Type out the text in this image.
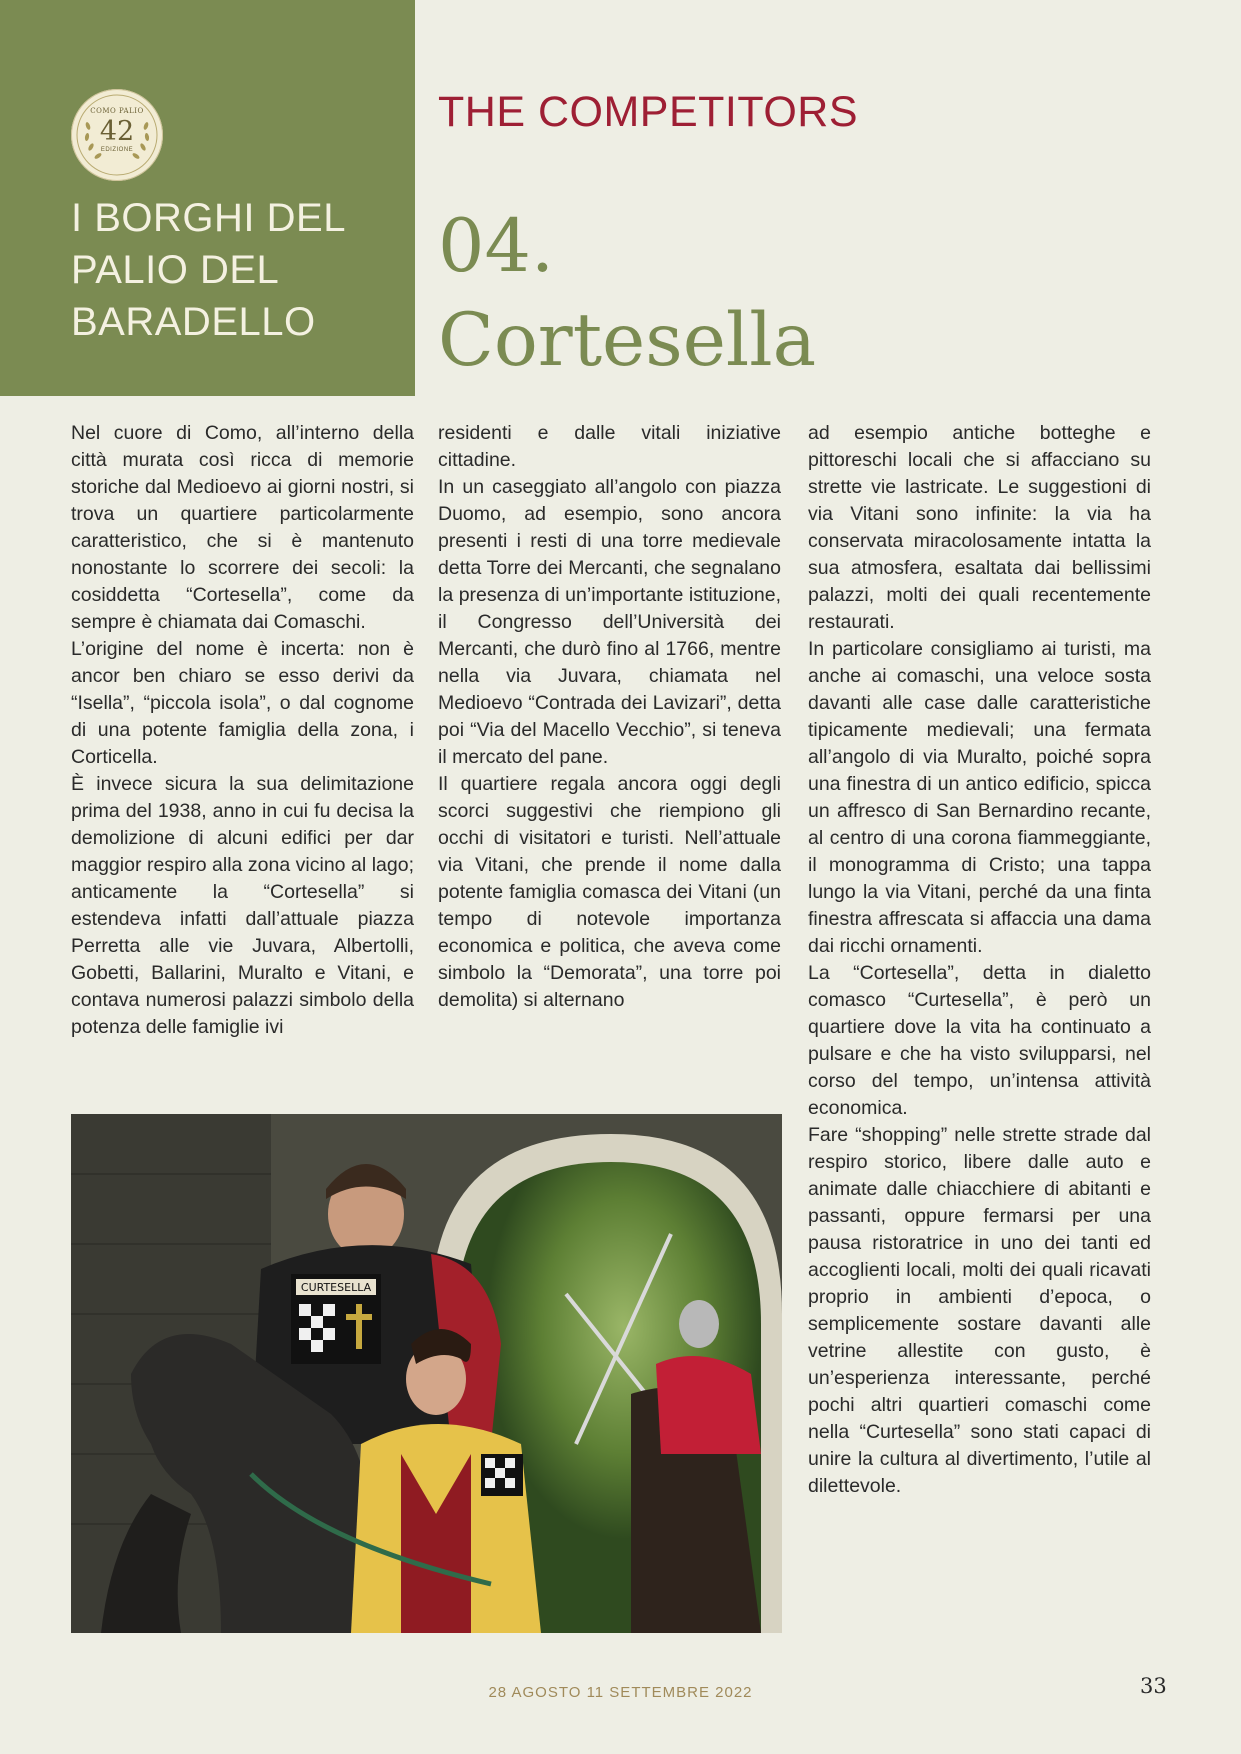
COMO PALIO
42
EDIZIONE
I BORGHI DEL
PALIO DEL
BARADELLO
THE COMPETITORS
04.
Cortesella

Nel cuore di Como, all’interno della città murata così ricca di memorie storiche dal Medioevo ai giorni nostri, si trova un quartiere particolarmente caratteristico, che si è mantenuto nonostante lo scorrere dei secoli: la cosiddetta “Cortesella”, come da sempre è chiamata dai Comaschi.

L’origine del nome è incerta: non è ancor ben chiaro se esso derivi da “Isella”, “piccola isola”, o dal cognome di una potente famiglia della zona, i Corticella.

È invece sicura la sua delimitazione prima del 1938, anno in cui fu decisa la demolizione di alcuni edifici per dar maggior respiro alla zona vicino al lago; anticamente la “Cortesella” si estendeva infatti dall’attuale piazza Perretta alle vie Juvara, Albertolli, Gobetti, Ballarini, Muralto e Vitani, e contava numerosi palazzi simbolo della potenza delle famiglie ivi

residenti e dalle vitali iniziative cittadine.

In un caseggiato all’angolo con piazza Duomo, ad esempio, sono ancora presenti i resti di una torre medievale detta Torre dei Mercanti, che segnalano la presenza di un’importante istituzione, il Congresso dell’Università dei Mercanti, che durò fino al 1766, mentre nella via Juvara, chiamata nel Medioevo “Contrada dei Lavizari”, detta poi “Via del Macello Vecchio”, si teneva il mercato del pane.

Il quartiere regala ancora oggi degli scorci suggestivi che riempiono gli occhi di visitatori e turisti. Nell’attuale via Vitani, che prende il nome dalla potente famiglia comasca dei Vitani (un tempo di notevole importanza economica e politica, che aveva come simbolo la “Demorata”, una torre poi demolita) si alternano

ad esempio antiche botteghe e pittoreschi locali che si affacciano su strette vie lastricate. Le suggestioni di via Vitani sono infinite: la via ha conservata miracolosamente intatta la sua atmosfera, esaltata dai bellissimi palazzi, molti dei quali recentemente restaurati.

In particolare consigliamo ai turisti, ma anche ai comaschi, una veloce sosta davanti alle case dalle caratteristiche tipicamente medievali; una fermata all’angolo di via Muralto, poiché sopra una finestra di un antico edificio, spicca un affresco di San Bernardino recante, al centro di una corona fiammeggiante, il monogramma di Cristo; una tappa lungo la via Vitani, perché da una finta finestra affrescata si affaccia una dama dai ricchi ornamenti.

La “Cortesella”, detta in dialetto comasco “Curtesella”, è però un quartiere dove la vita ha continuato a pulsare e che ha visto svilupparsi, nel corso del tempo, un’intensa attività economica.

Fare “shopping” nelle strette strade dal respiro storico, libere dalle auto e animate dalle chiacchiere di abitanti e passanti, oppure fermarsi per una pausa ristoratrice in uno dei tanti ed accoglienti locali, molti dei quali ricavati proprio in ambienti d’epoca, o semplicemente sostare davanti alle vetrine allestite con gusto, è un’esperienza interessante, perché pochi altri quartieri comaschi come nella “Curtesella” sono stati capaci di unire la cultura al divertimento, l’utile al dilettevole.

CURTESELLA
28 AGOSTO 11 SETTEMBRE 2022	33
